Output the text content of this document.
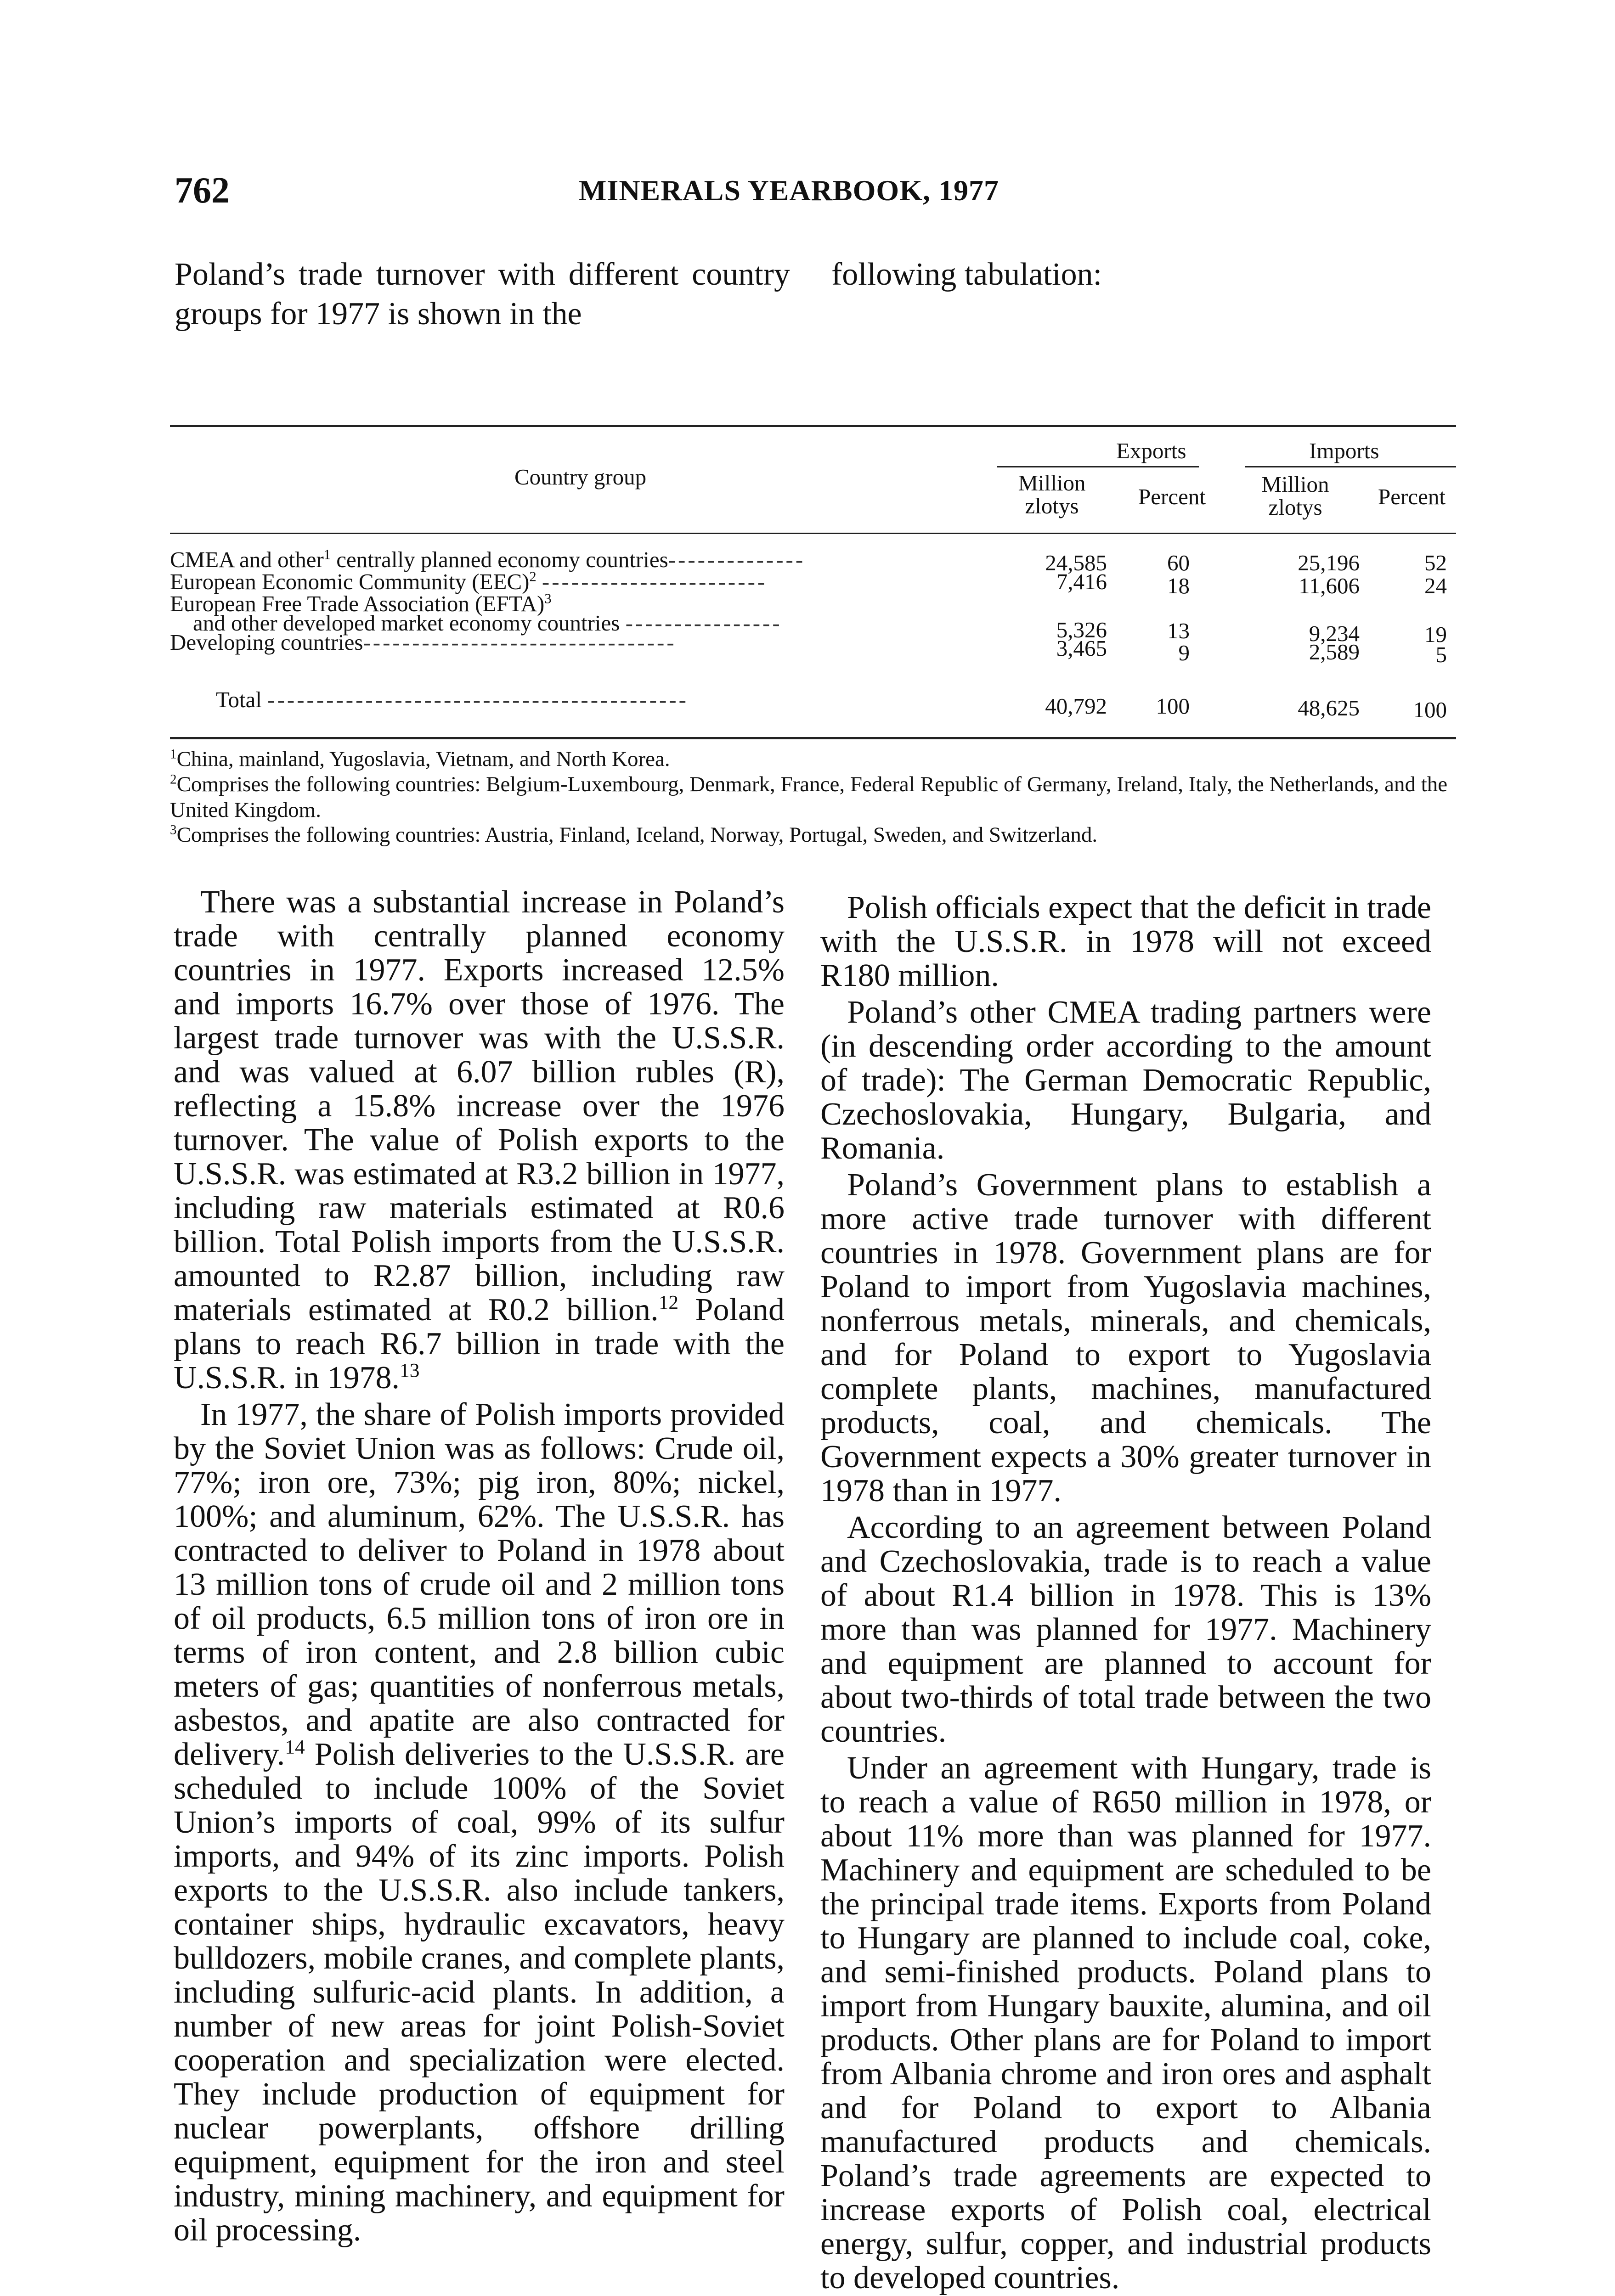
762	MINERALS YEARBOOK, 1977
Poland’s trade turnover with different country groups for 1977 is shown in the
following tabulation:
Country group
Exports	Imports
Million
zlotys	Percent	Million
zlotys	Percent
CMEA and other$^1$ centrally planned economy countries--------------	24,585	60	25,196	52
European Economic Community (EEC)$^2$ -----------------------	7,416	18	11,606	24
European Free Trade Association (EFTA)$^3$
and other developed market economy countries ----------------	5,326	13	9,234	19
Developing countries--------------------------------	3,465	9	2,589	5
Total -------------------------------------------	40,792	100	48,625	100
$^1$China, mainland, Yugoslavia, Vietnam, and North Korea.
$^2$Comprises the following countries: Belgium-Luxembourg, Denmark, France, Federal Republic of Germany, Ireland, Italy, the Netherlands, and the United Kingdom.
$^3$Comprises the following countries: Austria, Finland, Iceland, Norway, Portugal, Sweden, and Switzerland.

There was a substantial increase in Poland’s trade with centrally planned economy countries in 1977. Exports increased 12.5% and imports 16.7% over those of 1976. The largest trade turnover was with the U.S.S.R. and was valued at 6.07 billion rubles (R), reflecting a 15.8% increase over the 1976 turnover. The value of Polish exports to the U.S.S.R. was estimated at R3.2 billion in 1977, including raw materials estimated at R0.6 billion. Total Polish imports from the U.S.S.R. amounted to R2.87 billion, including raw materials estimated at R0.2 billion.$^{12}$ Poland plans to reach R6.7 billion in trade with the U.S.S.R. in 1978.13

In 1977, the share of Polish imports provided by the Soviet Union was as follows: Crude oil, 77%; iron ore, 73%; pig iron, 80%; nickel, 100%; and aluminum, 62%. The U.S.S.R. has contracted to deliver to Poland in 1978 about 13 million tons of crude oil and 2 million tons of oil products, 6.5 million tons of iron ore in terms of iron content, and 2.8 billion cubic meters of gas; quantities of nonferrous metals, asbestos, and apatite are also contracted for delivery.$^{14}$ Polish deliveries to the U.S.S.R. are scheduled to include 100% of the Soviet Union’s imports of coal, 99% of its sulfur imports, and 94% of its zinc imports. Polish exports to the U.S.S.R. also include tankers, container ships, hydraulic excavators, heavy bulldozers, mobile cranes, and complete plants, including sulfuric-acid plants. In addition, a number of new areas for joint Polish-Soviet cooperation and specialization were elected. They include production of equipment for nuclear powerplants, offshore drilling equipment, equipment for the iron and steel industry, mining machinery, and equipment for oil processing.

Polish officials expect that the deficit in trade with the U.S.S.R. in 1978 will not exceed R180 million.

Poland’s other CMEA trading partners were (in descending order according to the amount of trade): The German Democratic Republic, Czechoslovakia, Hungary, Bulgaria, and Romania.

Poland’s Government plans to establish a more active trade turnover with different countries in 1978. Government plans are for Poland to import from Yugoslavia machines, nonferrous metals, minerals, and chemicals, and for Poland to export to Yugoslavia complete plants, machines, manufactured products, coal, and chemicals. The Government expects a 30% greater turnover in 1978 than in 1977.

According to an agreement between Poland and Czechoslovakia, trade is to reach a value of about R1.4 billion in 1978. This is 13% more than was planned for 1977. Machinery and equipment are planned to account for about two-thirds of total trade between the two countries.

Under an agreement with Hungary, trade is to reach a value of R650 million in 1978, or about 11% more than was planned for 1977. Machinery and equipment are scheduled to be the principal trade items. Exports from Poland to Hungary are planned to include coal, coke, and semi-finished products. Poland plans to import from Hungary bauxite, alumina, and oil products. Other plans are for Poland to import from Albania chrome and iron ores and asphalt and for Poland to export to Albania manufactured products and chemicals. Poland’s trade agreements are expected to increase exports of Polish coal, electrical energy, sulfur, copper, and industrial products to developed countries.
